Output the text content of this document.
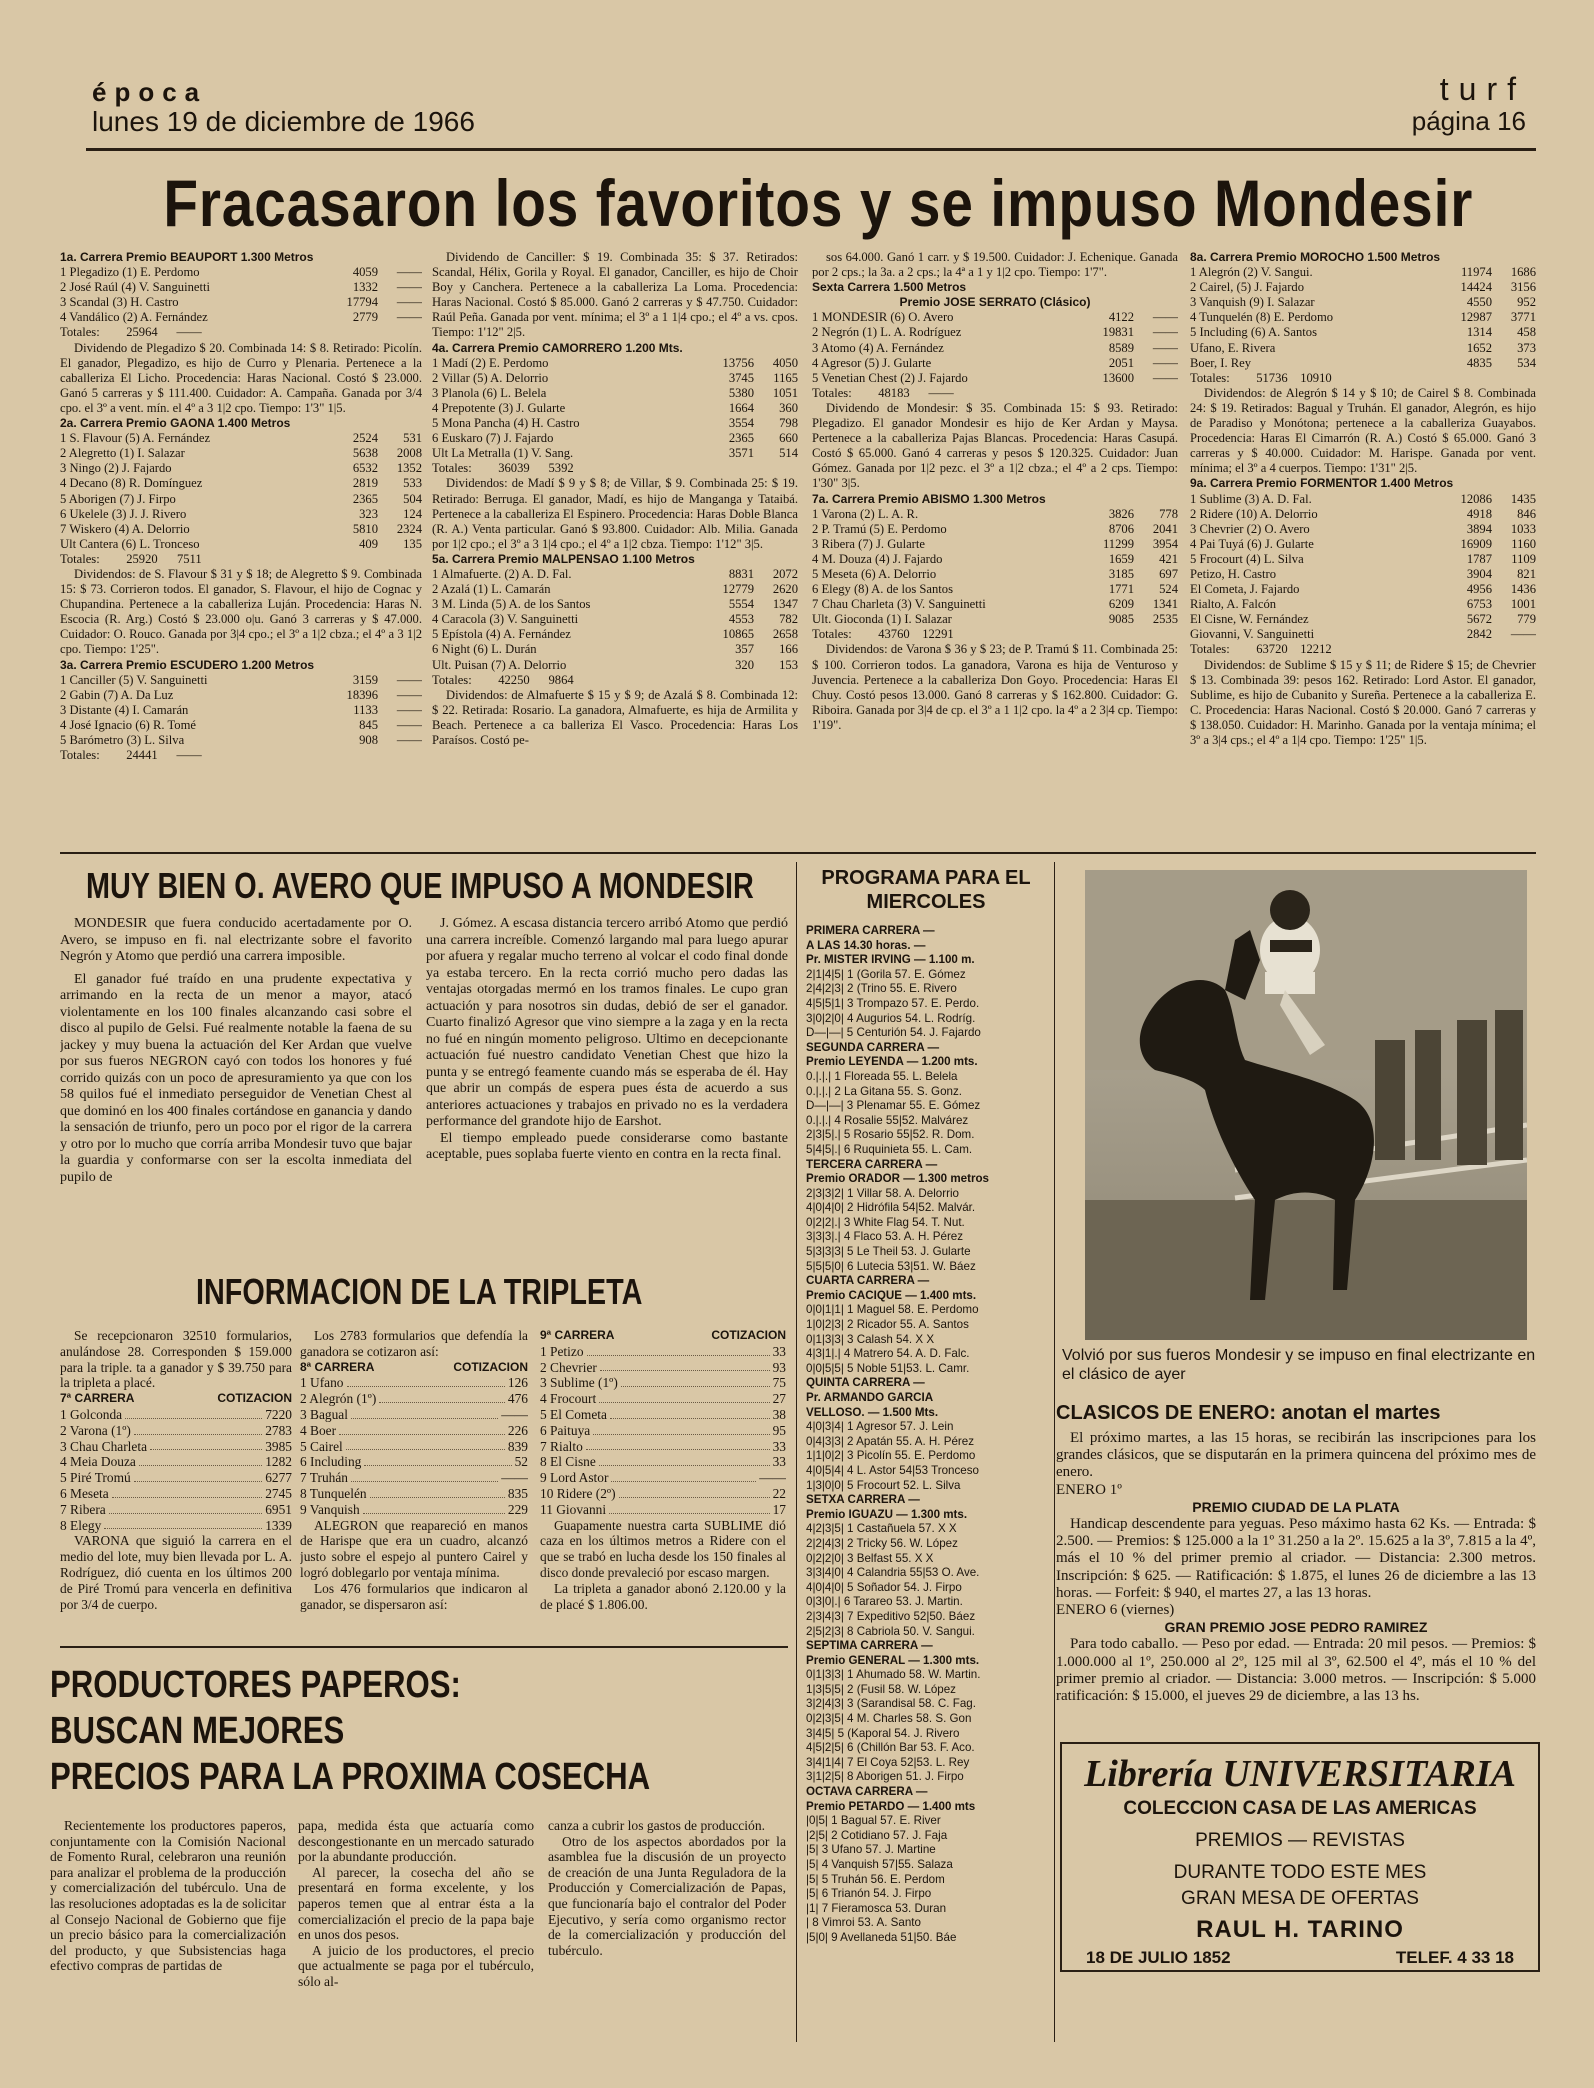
época
lunes 19 de diciembre de 1966
turf
página 16
Fracasaron los favoritos y se impuso Mondesir
1a. Carrera Premio BEAUPORT 1.300 Metros
1 Plegadizo (1) E. Perdomo	4059	——
2 José Raúl (4) V. Sanguinetti	1332	——
3 Scandal (3) H. Castro	17794	——
4 Vandálico (2) A. Fernández	2779	——
Totales:	25964	——

Dividendo de Plegadizo $ 20. Combinada 14: $ 8. Retirado: Picolín. El ganador, Plegadizo, es hijo de Curro y Plenaria. Pertenece a la caballeriza El Licho. Procedencia: Haras Nacional. Costó $ 23.000. Ganó 5 carreras y $ 111.400. Cuidador: A. Campaña. Ganada por 3/4 cpo. el 3º a vent. mín. el 4º a 3 1|2 cpo. Tiempo: 1'3" 1|5.

2a. Carrera Premio GAONA 1.400 Metros
1 S. Flavour (5) A. Fernández	2524	531
2 Alegretto (1) I. Salazar	5638	2008
3 Ningo (2) J. Fajardo	6532	1352
4 Decano (8) R. Domínguez	2819	533
5 Aborigen (7) J. Firpo	2365	504
6 Ukelele (3) J. J. Rivero	323	124
7 Wiskero (4) A. Delorrio	5810	2324
Ult Cantera (6) L. Tronceso	409	135
Totales:	25920	7511

Dividendos: de S. Flavour $ 31 y $ 18; de Alegretto $ 9. Combinada 15: $ 73. Corrieron todos. El ganador, S. Flavour, el hijo de Cognac y Chupandina. Pertenece a la caballeriza Luján. Procedencia: Haras N. Escocia (R. Arg.) Costó $ 23.000 o|u. Ganó 3 carreras y $ 47.000. Cuidador: O. Rouco. Ganada por 3|4 cpo.; el 3º a 1|2 cbza.; el 4º a 3 1|2 cpo. Tiempo: 1'25".

3a. Carrera Premio ESCUDERO 1.200 Metros
1 Canciller (5) V. Sanguinetti	3159	——
2 Gabin (7) A. Da Luz	18396	——
3 Distante (4) I. Camarán	1133	——
4 José Ignacio (6) R. Tomé	845	——
5 Barómetro (3) L. Silva	908	——
Totales:	24441	——

Dividendo de Canciller: $ 19. Combinada 35: $ 37. Retirados: Scandal, Hélix, Gorila y Royal. El ganador, Canciller, es hijo de Choir Boy y Canchera. Pertenece a la caballeriza La Loma. Procedencia: Haras Nacional. Costó $ 85.000. Ganó 2 carreras y $ 47.750. Cuidador: Raúl Peña. Ganada por vent. mínima; el 3º a 1 1|4 cpo.; el 4º a vs. cpos. Tiempo: 1'12" 2|5.

4a. Carrera Premio CAMORRERO 1.200 Mts.
1 Madí (2) E. Perdomo	13756	4050
2 Villar (5) A. Delorrio	3745	1165
3 Planola (6) L. Belela	5380	1051
4 Prepotente (3) J. Gularte	1664	360
5 Mona Pancha (4) H. Castro	3554	798
6 Euskaro (7) J. Fajardo	2365	660
Ult La Metralla (1) V. Sang.	3571	514
Totales:	36039	5392

Dividendos: de Madí $ 9 y $ 8; de Villar, $ 9. Combinada 25: $ 19. Retirado: Berruga. El ganador, Madí, es hijo de Manganga y Tataibá. Pertenece a la caballeriza El Espinero. Procedencia: Haras Doble Blanca (R. A.) Venta particular. Ganó $ 93.800. Cuidador: Alb. Milia. Ganada por 1|2 cpo.; el 3º a 3 1|4 cpo.; el 4º a 1|2 cbza. Tiempo: 1'12" 3|5.

5a. Carrera Premio MALPENSAO 1.100 Metros
1 Almafuerte. (2) A. D. Fal.	8831	2072
2 Azalá (1) L. Camarán	12779	2620
3 M. Linda (5) A. de los Santos	5554	1347
4 Caracola (3) V. Sanguinetti	4553	782
5 Epístola (4) A. Fernández	10865	2658
6 Night (6) L. Durán	357	166
Ult. Puisan (7) A. Delorrio	320	153
Totales:	42250	9864

Dividendos: de Almafuerte $ 15 y $ 9; de Azalá $ 8. Combinada 12: $ 22. Retirada: Rosario. La ganadora, Almafuerte, es hija de Armilita y Beach. Pertenece a ca balleriza El Vasco. Procedencia: Haras Los Paraísos. Costó pe-

sos 64.000. Ganó 1 carr. y $ 19.500. Cuidador: J. Echenique. Ganada por 2 cps.; la 3a. a 2 cps.; la 4ª a 1 y 1|2 cpo. Tiempo: 1'7".

Sexta Carrera 1.500 Metros
Premio JOSE SERRATO (Clásico)
1 MONDESIR (6) O. Avero	4122	——
2 Negrón (1) L. A. Rodríguez	19831	——
3 Atomo (4) A. Fernández	8589	——
4 Agresor (5) J. Gularte	2051	——
5 Venetian Chest (2) J. Fajardo	13600	——
Totales:	48183	——

Dividendo de Mondesir: $ 35. Combinada 15: $ 93. Retirado: Plegadizo. El ganador Mondesir es hijo de Ker Ardan y Maysa. Pertenece a la caballeriza Pajas Blancas. Procedencia: Haras Casupá. Costó $ 65.000. Ganó 4 carreras y pesos $ 120.325. Cuidador: Juan Gómez. Ganada por 1|2 pezc. el 3º a 1|2 cbza.; el 4º a 2 cps. Tiempo: 1'30" 3|5.

7a. Carrera Premio ABISMO 1.300 Metros
1 Varona (2) L. A. R.	3826	778
2 P. Tramú (5) E. Perdomo	8706	2041
3 Ribera (7) J. Gularte	11299	3954
4 M. Douza (4) J. Fajardo	1659	421
5 Meseta (6) A. Delorrio	3185	697
6 Elegy (8) A. de los Santos	1771	524
7 Chau Charleta (3) V. Sanguinetti	6209	1341
Ult. Gioconda (1) I. Salazar	9085	2535
Totales:	43760 12291

Dividendos: de Varona $ 36 y $ 23; de P. Tramú $ 11. Combinada 25: $ 100. Corrieron todos. La ganadora, Varona es hija de Venturoso y Juvencia. Pertenece a la caballeriza Don Goyo. Procedencia: Haras El Chuy. Costó pesos 13.000. Ganó 8 carreras y $ 162.800. Cuidador: G. Riboira. Ganada por 3|4 de cp. el 3º a 1 1|2 cpo. la 4º a 2 3|4 cp. Tiempo: 1'19".

8a. Carrera Premio MOROCHO 1.500 Metros
1 Alegrón (2) V. Sangui.	11974	1686
2 Cairel, (5) J. Fajardo	14424	3156
3 Vanquish (9) I. Salazar	4550	952
4 Tunquelén (8) E. Perdomo	12987	3771
5 Including (6) A. Santos	1314	458
Ufano, E. Rivera	1652	373
Boer, I. Rey	4835	534
Totales:	51736 10910

Dividendos: de Alegrón $ 14 y $ 10; de Cairel $ 8. Combinada 24: $ 19. Retirados: Bagual y Truhán. El ganador, Alegrón, es hijo de Paradiso y Monótona; pertenece a la caballeriza Guayabos. Procedencia: Haras El Cimarrón (R. A.) Costó $ 65.000. Ganó 3 carreras y $ 40.000. Cuidador: M. Harispe. Ganada por vent. mínima; el 3º a 4 cuerpos. Tiempo: 1'31" 2|5.

9a. Carrera Premio FORMENTOR 1.400 Metros
1 Sublime (3) A. D. Fal.	12086	1435
2 Ridere (10) A. Delorrio	4918	846
3 Chevrier (2) O. Avero	3894	1033
4 Pai Tuyá (6) J. Gularte	16909	1160
5 Frocourt (4) L. Silva	1787	1109
Petizo, H. Castro	3904	821
El Cometa, J. Fajardo	4956	1436
Rialto, A. Falcón	6753	1001
El Cisne, W. Fernández	5672	779
Giovanni, V. Sanguinetti	2842	——
Totales:	63720 12212

Dividendos: de Sublime $ 15 y $ 11; de Ridere $ 15; de Chevrier $ 13. Combinada 39: pesos 162. Retirado: Lord Astor. El ganador, Sublime, es hijo de Cubanito y Sureña. Pertenece a la caballeriza E. C. Procedencia: Haras Nacional. Costó $ 20.000. Ganó 7 carreras y $ 138.050. Cuidador: H. Marinho. Ganada por la ventaja mínima; el 3º a 3|4 cps.; el 4º a 1|4 cpo. Tiempo: 1'25" 1|5.

MUY BIEN O. AVERO QUE IMPUSO A MONDESIR

MONDESIR que fuera conducido acertadamente por O. Avero, se impuso en fi. nal electrizante sobre el favorito Negrón y Atomo que perdió una carrera imposible.

El ganador fué traído en una prudente expectativa y arrimando en la recta de un menor a mayor, atacó violentamente en los 100 finales alcanzando casi sobre el disco al pupilo de Gelsi. Fué realmente notable la faena de su jackey y muy buena la actuación del Ker Ardan que vuelve por sus fueros NEGRON cayó con todos los honores y fué corrido quizás con un poco de apresuramiento ya que con los 58 quilos fué el inmediato perseguidor de Venetian Chest al que dominó en los 400 finales cortándose en ganancia y dando la sensación de triunfo, pero un poco por el rigor de la carrera y otro por lo mucho que corría arriba Mondesir tuvo que bajar la guardia y conformarse con ser la escolta inmediata del pupilo de

J. Gómez. A escasa distancia tercero arribó Atomo que perdió una carrera increíble. Comenzó largando mal para luego apurar por afuera y regalar mucho terreno al volcar el codo final donde ya estaba tercero. En la recta corrió mucho pero dadas las ventajas otorgadas mermó en los tramos finales. Le cupo gran actuación y para nosotros sin dudas, debió de ser el ganador. Cuarto finalizó Agresor que vino siempre a la zaga y en la recta no fué en ningún momento peligroso. Ultimo en decepcionante actuación fué nuestro candidato Venetian Chest que hizo la punta y se entregó feamente cuando más se esperaba de él. Hay que abrir un compás de espera pues ésta de acuerdo a sus anteriores actuaciones y trabajos en privado no es la verdadera performance del grandote hijo de Earshot.

El tiempo empleado puede considerarse como bastante aceptable, pues soplaba fuerte viento en contra en la recta final.

INFORMACION DE LA TRIPLETA

Se recepcionaron 32510 formularios, anulándose 28. Corresponden $ 159.000 para la triple. ta a ganador y $ 39.750 para la tripleta a placé.

7ª CARRERA	COTIZACION
1 Golconda	7220
2 Varona (1º)	2783
3 Chau Charleta	3985
4 Meia Douza	1282
5 Piré Tromú	6277
6 Meseta	2745
7 Ribera	6951
8 Elegy	1339

VARONA que siguió la carrera en el medio del lote, muy bien llevada por L. A. Rodríguez, dió cuenta en los últimos 200 de Piré Tromú para vencerla en definitiva por 3/4 de cuerpo.

Los 2783 formularios que defendía la ganadora se cotizaron así:

8ª CARRERA	COTIZACION
1 Ufano	126
2 Alegrón (1º)	476
3 Bagual	——
4 Boer	226
5 Cairel	839
6 Including	52
7 Truhán	——
8 Tunquelén	835
9 Vanquish	229

ALEGRON que reapareció en manos de Harispe que era un cuadro, alcanzó justo sobre el espejo al puntero Cairel y logró doblegarlo por ventaja mínima.

Los 476 formularios que indicaron al ganador, se dispersaron así:

9ª CARRERA	COTIZACION
1 Petizo	33
2 Chevrier	93
3 Sublime (1º)	75
4 Frocourt	27
5 El Cometa	38
6 Paituya	95
7 Rialto	33
8 El Cisne	33
9 Lord Astor	——
10 Ridere (2º)	22
11 Giovanni	17

Guapamente nuestra carta SUBLIME dió caza en los últimos metros a Ridere con el que se trabó en lucha desde los 150 finales al disco donde prevaleció por escaso margen.

La tripleta a ganador abonó 2.120.00 y la de placé $ 1.806.00.

PRODUCTORES PAPEROS:
BUSCAN MEJORES
PRECIOS PARA LA PROXIMA COSECHA

Recientemente los productores paperos, conjuntamente con la Comisión Nacional de Fomento Rural, celebraron una reunión para analizar el problema de la producción y comercialización del tubérculo. Una de las resoluciones adoptadas es la de solicitar al Consejo Nacional de Gobierno que fije un precio básico para la comercialización del producto, y que Subsistencias haga efectivo compras de partidas de

papa, medida ésta que actuaría como descongestionante en un mercado saturado por la abundante producción.

Al parecer, la cosecha del año se presentará en forma excelente, y los paperos temen que al entrar ésta a la comercialización el precio de la papa baje en unos dos pesos.

A juicio de los productores, el precio que actualmente se paga por el tubérculo, sólo al-

canza a cubrir los gastos de producción.

Otro de los aspectos abordados por la asamblea fue la discusión de un proyecto de creación de una Junta Reguladora de la Producción y Comercialización de Papas, que funcionaría bajo el contralor del Poder Ejecutivo, y sería como organismo rector de la comercialización y producción del tubérculo.

PROGRAMA PARA EL MIERCOLES
PRIMERA CARRERA —
A LAS 14.30 horas. —
Pr. MISTER IRVING — 1.100 m.
2|1|4|5| 1 (Gorila 57. E. Gómez
2|4|2|3| 2 (Trino 55. E. Rivero
4|5|5|1| 3 Trompazo 57. E. Perdo.
3|0|2|0| 4 Augurios 54. L. Rodríg.
D—|—| 5 Centurión 54. J. Fajardo
SEGUNDA CARRERA —
Premio LEYENDA — 1.200 mts.
0.|.|.| 1 Floreada 55. L. Belela
0.|.|.| 2 La Gitana 55. S. Gonz.
D—|—| 3 Plenamar 55. E. Gómez
0.|.|.| 4 Rosalie 55|52. Malvárez
2|3|5|.| 5 Rosario 55|52. R. Dom.
5|4|5|.| 6 Ruquinieta 55. L. Cam.
TERCERA CARRERA —
Premio ORADOR — 1.300 metros
2|3|3|2| 1 Villar 58. A. Delorrio
4|0|4|0| 2 Hidrófila 54|52. Malvár.
0|2|2|.| 3 White Flag 54. T. Nut.
3|3|3|.| 4 Flaco 53. A. H. Pérez
5|3|3|3| 5 Le Theil 53. J. Gularte
5|5|5|0| 6 Lutecia 53|51. W. Báez
CUARTA CARRERA —
Premio CACIQUE — 1.400 mts.
0|0|1|1| 1 Maguel 58. E. Perdomo
1|0|2|3| 2 Ricador 55. A. Santos
0|1|3|3| 3 Calash 54. X X
4|3|1|.| 4 Matrero 54. A. D. Falc.
0|0|5|5| 5 Noble 51|53. L. Camr.
QUINTA CARRERA —
Pr. ARMANDO GARCIA
VELLOSO. — 1.500 Mts.
4|0|3|4| 1 Agresor 57. J. Lein
0|4|3|3| 2 Apatán 55. A. H. Pérez
1|1|0|2| 3 Picolín 55. E. Perdomo
4|0|5|4| 4 L. Astor 54|53 Tronceso
1|3|0|0| 5 Frocourt 52. L. Silva
SETXA CARRERA —
Premio IGUAZU — 1.300 mts.
4|2|3|5| 1 Castañuela 57. X X
2|2|4|3| 2 Tricky 56. W. López
0|2|2|0| 3 Belfast 55. X X
3|3|4|0| 4 Calandria 55|53 O. Ave.
4|0|4|0| 5 Soñador 54. J. Firpo
0|3|0|.| 6 Tarareo 53. J. Martin.
2|3|4|3| 7 Expeditivo 52|50. Báez
2|5|2|3| 8 Cabriola 50. V. Sangui.
SEPTIMA CARRERA —
Premio GENERAL — 1.300 mts.
0|1|3|3| 1 Ahumado 58. W. Martin.
1|3|5|5| 2 (Fusil 58. W. López
3|2|4|3| 3 (Sarandisal 58. C. Fag.
0|2|3|5| 4 M. Charles 58. S. Gon
3|4|5| 5 (Kaporal 54. J. Rivero
4|5|2|5| 6 (Chillón Bar 53. F. Aco.
3|4|1|4| 7 El Coya 52|53. L. Rey
3|1|2|5| 8 Aborigen 51. J. Firpo
OCTAVA CARRERA —
Premio PETARDO — 1.400 mts
|0|5| 1 Bagual 57. E. River
|2|5| 2 Cotidiano 57. J. Faja
|5| 3 Ufano 57. J. Martine
|5| 4 Vanquish 57|55. Salaza
|5| 5 Truhán 56. E. Perdom
|5| 6 Trianón 54. J. Firpo
|1| 7 Fieramosca 53. Duran
| 8 Vimroi 53. A. Santo
|5|0| 9 Avellaneda 51|50. Báe
Volvió por sus fueros Mondesir y se impuso en final electrizante en el clásico de ayer
CLASICOS DE ENERO: anotan el martes

El próximo martes, a las 15 horas, se recibirán las inscripciones para los grandes clásicos, que se disputarán en la primera quincena del próximo mes de enero.

ENERO 1º
PREMIO CIUDAD DE LA PLATA

Handicap descendente para yeguas. Peso máximo hasta 62 Ks. — Entrada: $ 2.500. — Premios: $ 125.000 a la 1º 31.250 a la 2º. 15.625 a la 3º, 7.815 a la 4º, más el 10 % del primer premio al criador. — Distancia: 2.300 metros. Inscripción: $ 625. — Ratificación: $ 1.875, el lunes 26 de diciembre a las 13 horas. — Forfeit: $ 940, el martes 27, a las 13 horas.

ENERO 6 (viernes)
GRAN PREMIO JOSE PEDRO RAMIREZ

Para todo caballo. — Peso por edad. — Entrada: 20 mil pesos. — Premios: $ 1.000.000 al 1º, 250.000 al 2º, 125 mil al 3º, 62.500 el 4º, más el 10 % del primer premio al criador. — Distancia: 3.000 metros. — Inscripción: $ 5.000 ratificación: $ 15.000, el jueves 29 de diciembre, a las 13 hs.

Librería UNIVERSITARIA
COLECCION CASA DE LAS AMERICAS
PREMIOS — REVISTAS
DURANTE TODO ESTE MES
GRAN MESA DE OFERTAS
RAUL H. TARINO
18 DE JULIO 1852	TELEF. 4 33 18
